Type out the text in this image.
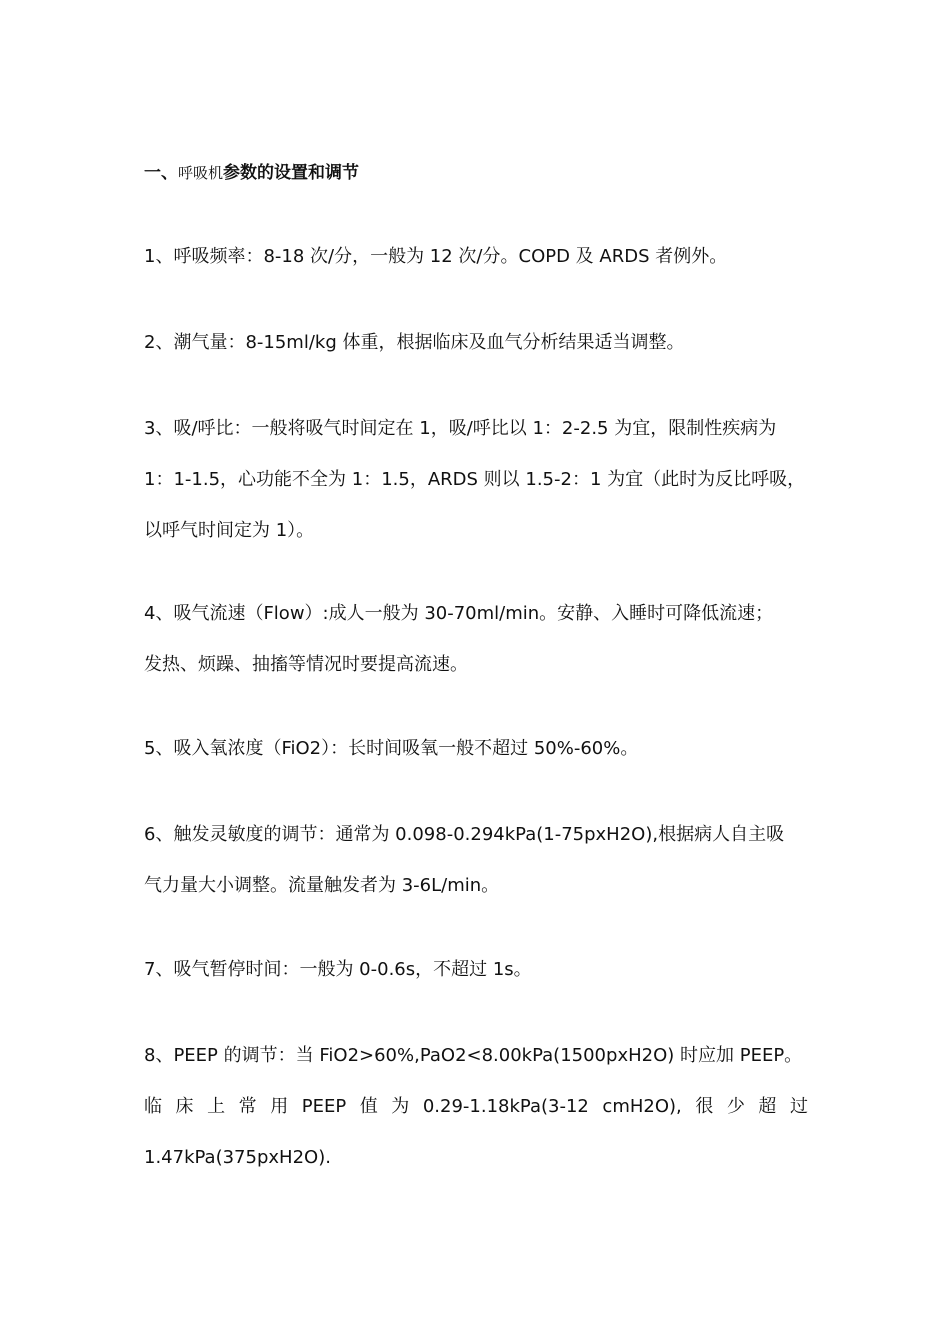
一、呼吸机参数的设置和调节

1、呼吸频率：8-18 次/分，一般为 12 次/分。COPD 及 ARDS 者例外。

2、潮气量：8-15ml/kg 体重，根据临床及血气分析结果适当调整。

3、吸/呼比：一般将吸气时间定在 1，吸/呼比以 1：2-2.5 为宜，限制性疾病为
1：1-1.5，心功能不全为 1：1.5，ARDS 则以 1.5-2：1 为宜（此时为反比呼吸，
以呼气时间定为 1）。

4、吸气流速（Flow）:成人一般为 30-70ml/min。安静、入睡时可降低流速；
发热、烦躁、抽搐等情况时要提高流速。

5、吸入氧浓度（FiO2）：长时间吸氧一般不超过 50%-60%。

6、触发灵敏度的调节：通常为 0.098-0.294kPa(1-75pxH2O),根据病人自主吸
气力量大小调整。流量触发者为 3-6L/min。

7、吸气暂停时间：一般为 0-0.6s，不超过 1s。

8、PEEP 的调节：当 FiO2>60%,PaO2<8.00kPa(1500pxH2O) 时应加 PEEP。
临 床 上 常 用 PEEP 值 为 0.29-1.18kPa(3-12 cmH2O), 很 少 超 过
1.47kPa(375pxH2O).
